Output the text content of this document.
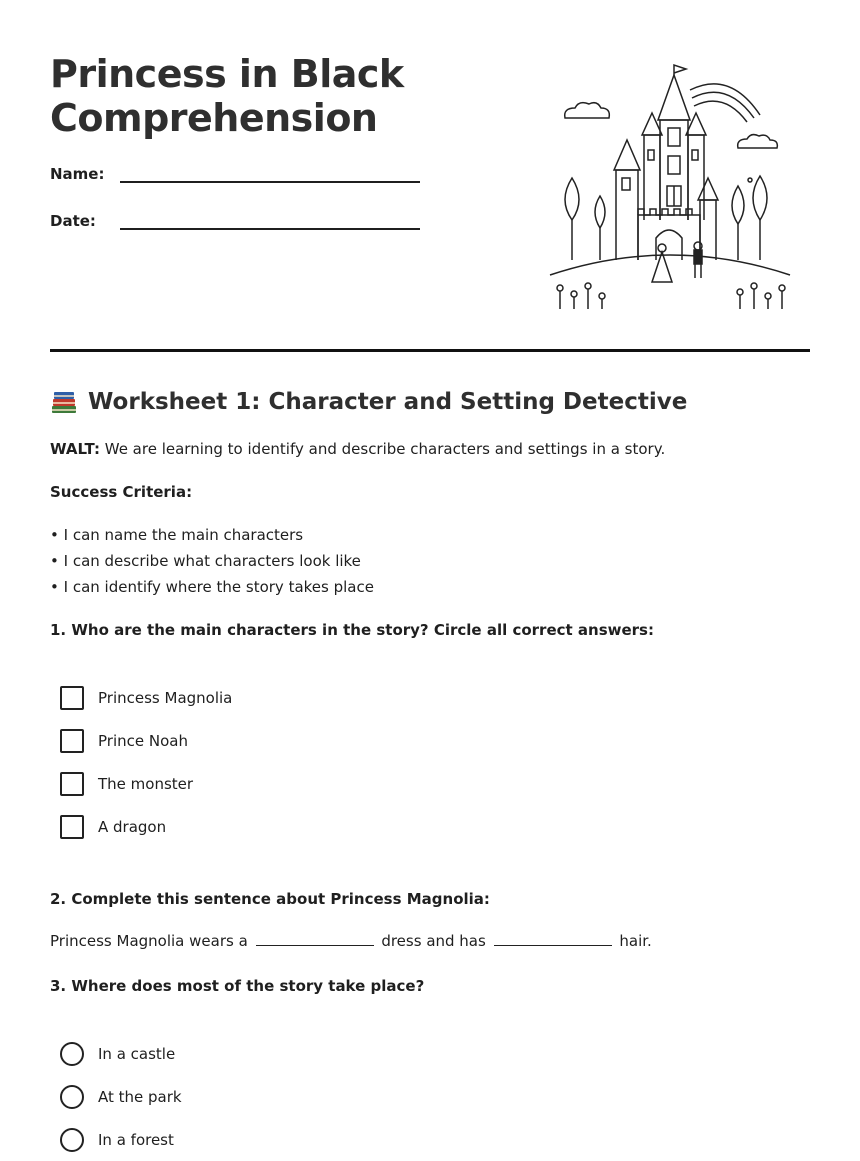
Princess in Black
Comprehension
Name:
Date:
Worksheet 1: Character and Setting Detective
WALT: We are learning to identify and describe characters and settings in a story.
Success Criteria:
• I can name the main characters
• I can describe what characters look like
• I can identify where the story takes place
1. Who are the main characters in the story? Circle all correct answers:
Princess Magnolia
Prince Noah
The monster
A dragon
2. Complete this sentence about Princess Magnolia:
Princess Magnolia wears a	dress and has	hair.
3. Where does most of the story take place?
In a castle
At the park
In a forest
